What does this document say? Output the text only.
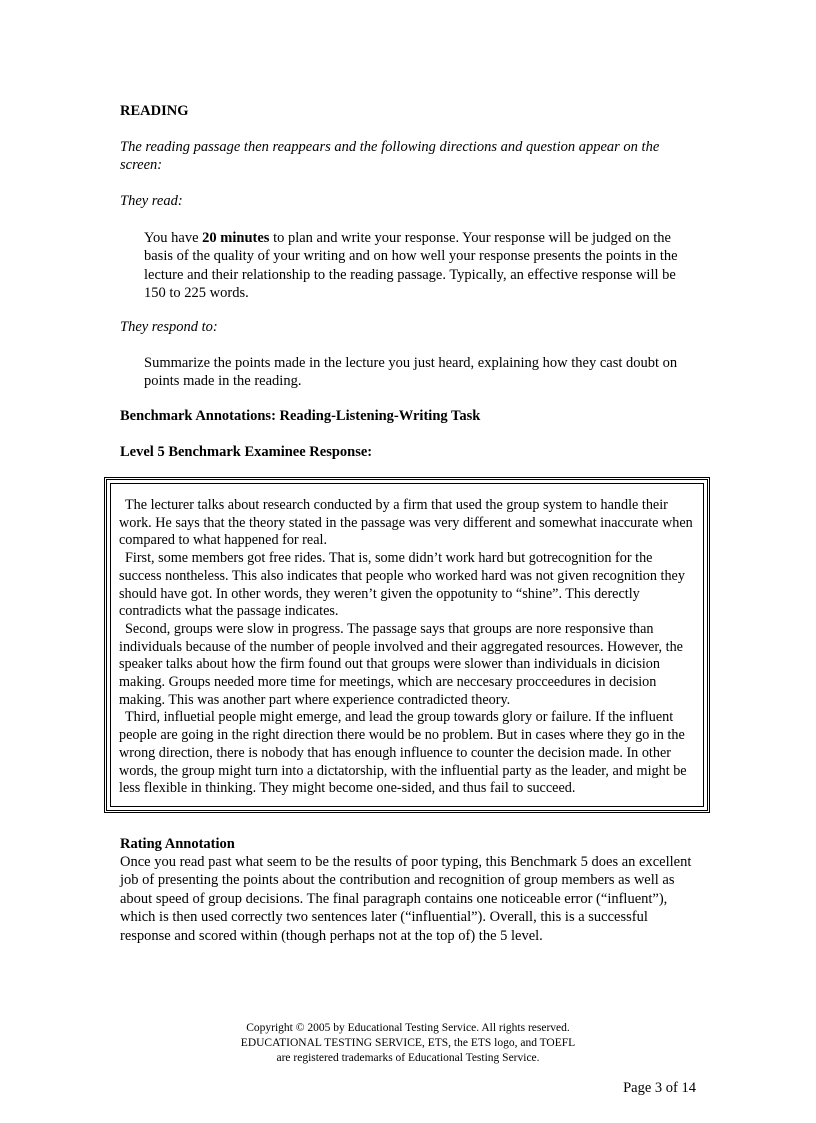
READING

The reading passage then reappears and the following directions and question appear on the screen:

They read:

You have 20 minutes to plan and write your response. Your response will be judged on the basis of the quality of your writing and on how well your response presents the points in the lecture and their relationship to the reading passage. Typically, an effective response will be 150 to 225 words.

They respond to:

Summarize the points made in the lecture you just heard, explaining how they cast doubt on points made in the reading.

Benchmark Annotations: Reading-Listening-Writing Task

Level 5 Benchmark Examinee Response:

The lecturer talks about research conducted by a firm that used the group system to handle their work. He says that the theory stated in the passage was very different and somewhat inaccurate when compared to what happened for real.

First, some members got free rides. That is, some didn’t work hard but gotrecognition for the success nontheless. This also indicates that people who worked hard was not given recognition they should have got. In other words, they weren’t given the oppotunity to “shine”. This derectly contradicts what the passage indicates.

Second, groups were slow in progress. The passage says that groups are nore responsive than individuals because of the number of people involved and their aggregated resources. However, the speaker talks about how the firm found out that groups were slower than individuals in dicision making. Groups needed more time for meetings, which are neccesary procceedures in decision making. This was another part where experience contradicted theory.

Third, influetial people might emerge, and lead the group towards glory or failure. If the influent people are going in the right direction there would be no problem. But in cases where they go in the wrong direction, there is nobody that has enough influence to counter the decision made. In other words, the group might turn into a dictatorship, with the influential party as the leader, and might be less flexible in thinking. They might become one-sided, and thus fail to succeed.

Rating Annotation

Once you read past what seem to be the results of poor typing, this Benchmark 5 does an excellent job of presenting the points about the contribution and recognition of group members as well as about speed of group decisions. The final paragraph contains one noticeable error (“influent”), which is then used correctly two sentences later (“influential”). Overall, this is a successful response and scored within (though perhaps not at the top of) the 5 level.

Copyright © 2005 by Educational Testing Service. All rights reserved.
EDUCATIONAL TESTING SERVICE, ETS, the ETS logo, and TOEFL
are registered trademarks of Educational Testing Service.

Page 3 of 14
